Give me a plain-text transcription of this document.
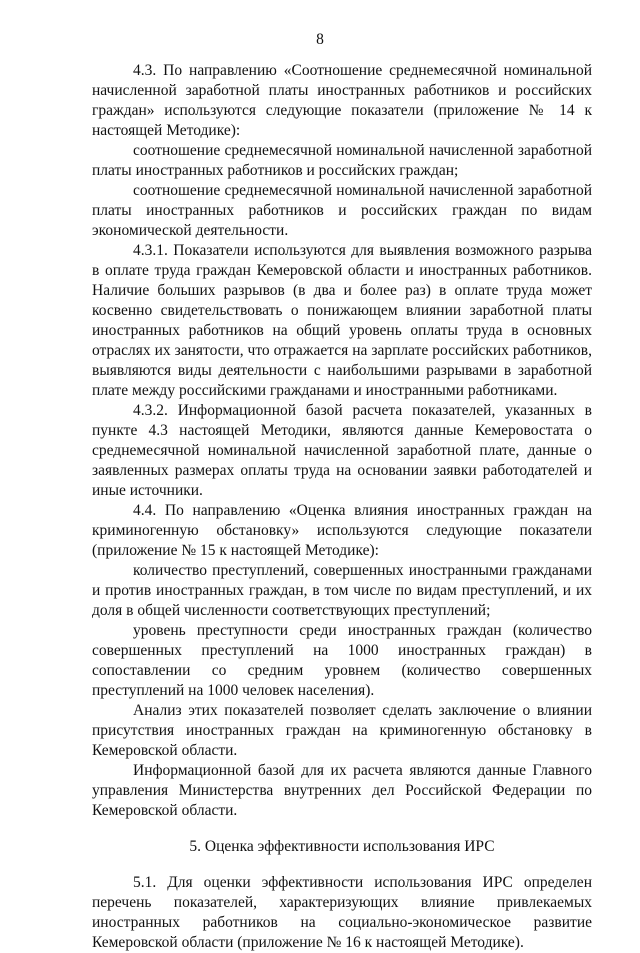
8

4.3. По направлению «Соотношение среднемесячной номинальной начисленной заработной платы иностранных работников и российских граждан» используются следующие показатели (приложение № 14 к настоящей Методике):

соотношение среднемесячной номинальной начисленной заработной платы иностранных работников и российских граждан;

соотношение среднемесячной номинальной начисленной заработной платы иностранных работников и российских граждан по видам экономической деятельности.

4.3.1. Показатели используются для выявления возможного разрыва в оплате труда граждан Кемеровской области и иностранных работников. Наличие больших разрывов (в два и более раз) в оплате труда может косвенно свидетельствовать о понижающем влиянии заработной платы иностранных работников на общий уровень оплаты труда в основных отраслях их занятости, что отражается на зарплате российских работников, выявляются виды деятельности с наибольшими разрывами в заработной плате между российскими гражданами и иностранными работниками.

4.3.2. Информационной базой расчета показателей, указанных в пункте 4.3 настоящей Методики, являются данные Кемеровостата о среднемесячной номинальной начисленной заработной плате, данные о заявленных размерах оплаты труда на основании заявки работодателей и иные источники.

4.4. По направлению «Оценка влияния иностранных граждан на криминогенную обстановку» используются следующие показатели (приложение № 15 к настоящей Методике):

количество преступлений, совершенных иностранными гражданами и против иностранных граждан, в том числе по видам преступлений, и их доля в общей численности соответствующих преступлений;

уровень преступности среди иностранных граждан (количество совершенных преступлений на 1000 иностранных граждан) в сопоставлении со средним уровнем (количество совершенных преступлений на 1000 человек населения).

Анализ этих показателей позволяет сделать заключение о влиянии присутствия иностранных граждан на криминогенную обстановку в Кемеровской области.

Информационной базой для их расчета являются данные Главного управления Министерства внутренних дел Российской Федерации по Кемеровской области.

5. Оценка эффективности использования ИРС

5.1. Для оценки эффективности использования ИРС определен перечень показателей, характеризующих влияние привлекаемых иностранных работников на социально-экономическое развитие Кемеровской области (приложение № 16 к настоящей Методике).
